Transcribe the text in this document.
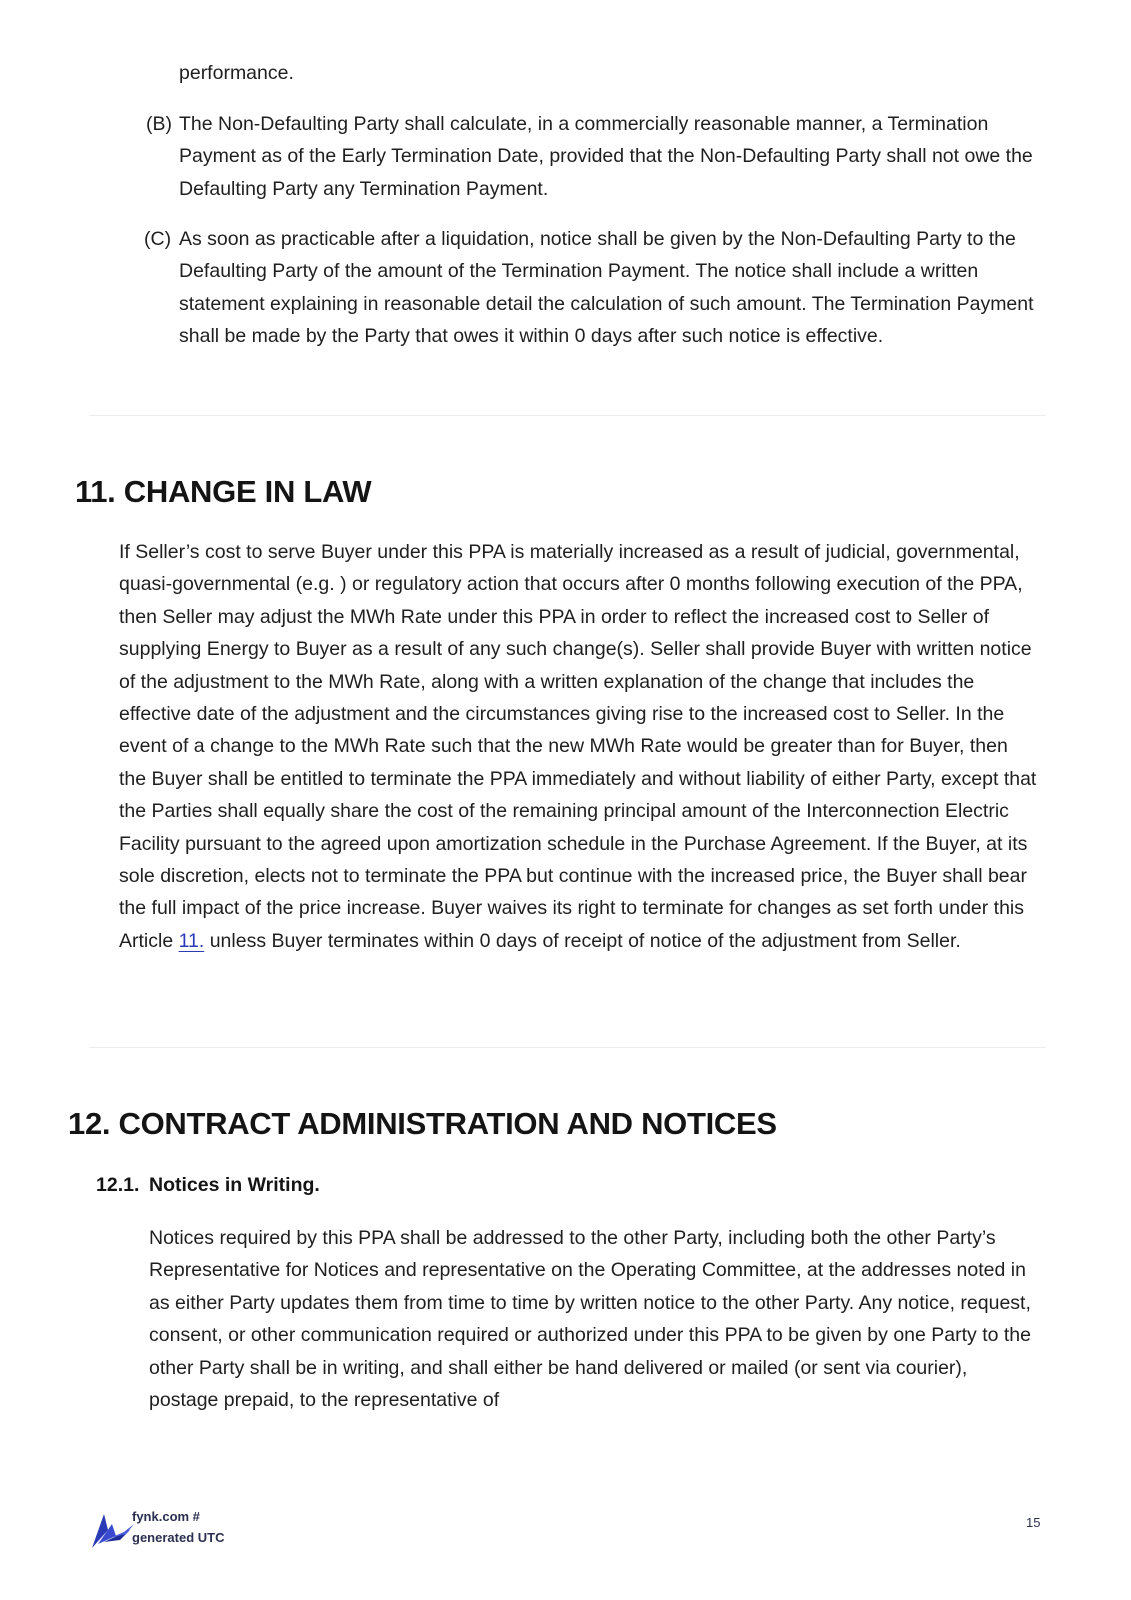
performance.

(B) The Non-Defaulting Party shall calculate, in a commercially reasonable manner, a Termination Payment as of the Early Termination Date, provided that the Non-Defaulting Party shall not owe the Defaulting Party any Termination Payment.

(C) As soon as practicable after a liquidation, notice shall be given by the Non-Defaulting Party to the Defaulting Party of the amount of the Termination Payment. The notice shall include a written statement explaining in reasonable detail the calculation of such amount. The Termination Payment shall be made by the Party that owes it within 0 days after such notice is effective.

11. CHANGE IN LAW

If Seller’s cost to serve Buyer under this PPA is materially increased as a result of judicial, governmental, quasi-governmental (e.g. ) or regulatory action that occurs after 0 months following execution of the PPA, then Seller may adjust the MWh Rate under this PPA in order to reflect the increased cost to Seller of supplying Energy to Buyer as a result of any such change(s). Seller shall provide Buyer with written notice of the adjustment to the MWh Rate, along with a written explanation of the change that includes the effective date of the adjustment and the circumstances giving rise to the increased cost to Seller. In the event of a change to the MWh Rate such that the new MWh Rate would be greater than for Buyer, then the Buyer shall be entitled to terminate the PPA immediately and without liability of either Party, except that the Parties shall equally share the cost of the remaining principal amount of the Interconnection Electric Facility pursuant to the agreed upon amortization schedule in the Purchase Agreement. If the Buyer, at its sole discretion, elects not to terminate the PPA but continue with the increased price, the Buyer shall bear the full impact of the price increase. Buyer waives its right to terminate for changes as set forth under this Article 11. unless Buyer terminates within 0 days of receipt of notice of the adjustment from Seller.

12. CONTRACT ADMINISTRATION AND NOTICES
12.1. Notices in Writing.

Notices required by this PPA shall be addressed to the other Party, including both the other Party’s Representative for Notices and representative on the Operating Committee, at the addresses noted in as either Party updates them from time to time by written notice to the other Party. Any notice, request, consent, or other communication required or authorized under this PPA to be given by one Party to the other Party shall be in writing, and shall either be hand delivered or mailed (or sent via courier), postage prepaid, to the representative of

fynk.com #
generated UTC
15
